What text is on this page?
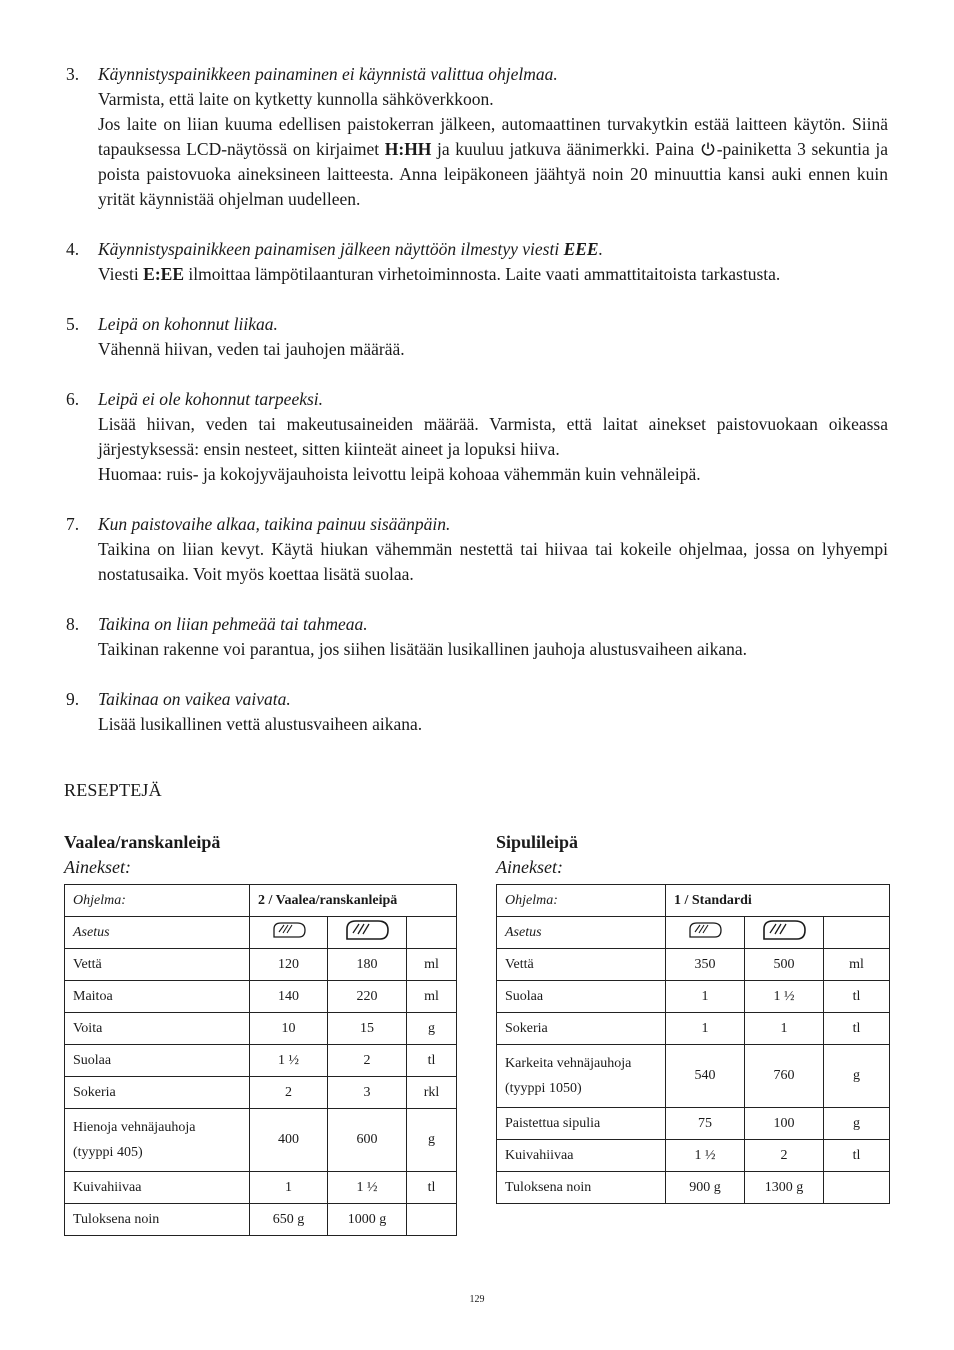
3. Käynnistyspainikkeen painaminen ei käynnistä valittua ohjelmaa.

Varmista, että laite on kytketty kunnolla sähköverkkoon.

Jos laite on liian kuuma edellisen paistokerran jälkeen, automaattinen turvakytkin estää laitteen käytön. Siinä tapauksessa LCD-näytössä on kirjaimet H:HH ja kuuluu jatkuva äänimerkki. Paina -painiketta 3 sekuntia ja poista paistovuoka aineksineen laitteesta. Anna leipäkoneen jäähtyä noin 20 minuuttia kansi auki ennen kuin yrität käynnistää ohjelman uudelleen.

4. Käynnistyspainikkeen painamisen jälkeen näyttöön ilmestyy viesti EEE.

Viesti E:EE ilmoittaa lämpötilaanturan virhetoiminnosta. Laite vaati ammattitaitoista tarkastusta.

5. Leipä on kohonnut liikaa.

Vähennä hiivan, veden tai jauhojen määrää.

6. Leipä ei ole kohonnut tarpeeksi.

Lisää hiivan, veden tai makeutusaineiden määrää. Varmista, että laitat ainekset paistovuokaan oikeassa järjestyksessä: ensin nesteet, sitten kiinteät aineet ja lopuksi hiiva.

Huomaa: ruis- ja kokojyväjauhoista leivottu leipä kohoaa vähemmän kuin vehnäleipä.

7. Kun paistovaihe alkaa, taikina painuu sisäänpäin.

Taikina on liian kevyt. Käytä hiukan vähemmän nestettä tai hiivaa tai kokeile ohjelmaa, jossa on lyhyempi nostatusaika. Voit myös koettaa lisätä suolaa.

8. Taikina on liian pehmeää tai tahmeaa.

Taikinan rakenne voi parantua, jos siihen lisätään lusikallinen jauhoja alustusvaiheen aikana.

9. Taikinaa on vaikea vaivata.

Lisää lusikallinen vettä alustusvaiheen aikana.

RESEPTEJÄ
Vaalea/ranskanleipä
Ainekset:
Ohjelma:	2 / Vaalea/ranskanleipä		
Asetus			
Vettä	120	180	ml
Maitoa	140	220	ml
Voita	10	15	g
Suolaa	1 ½	2	tl
Sokeria	2	3	rkl
Hienoja vehnäjauhoja
(tyyppi 405)	400	600	g
Kuivahiivaa	1	1 ½	tl
Tuloksena noin	650 g	1000 g	
Sipulileipä
Ainekset:
Ohjelma:	1 / Standardi		
Asetus			
Vettä	350	500	ml
Suolaa	1	1 ½	tl
Sokeria	1	1	tl
Karkeita vehnäjauhoja
(tyyppi 1050)	540	760	g
Paistettua sipulia	75	100	g
Kuivahiivaa	1 ½	2	tl
Tuloksena noin	900 g	1300 g	
129
